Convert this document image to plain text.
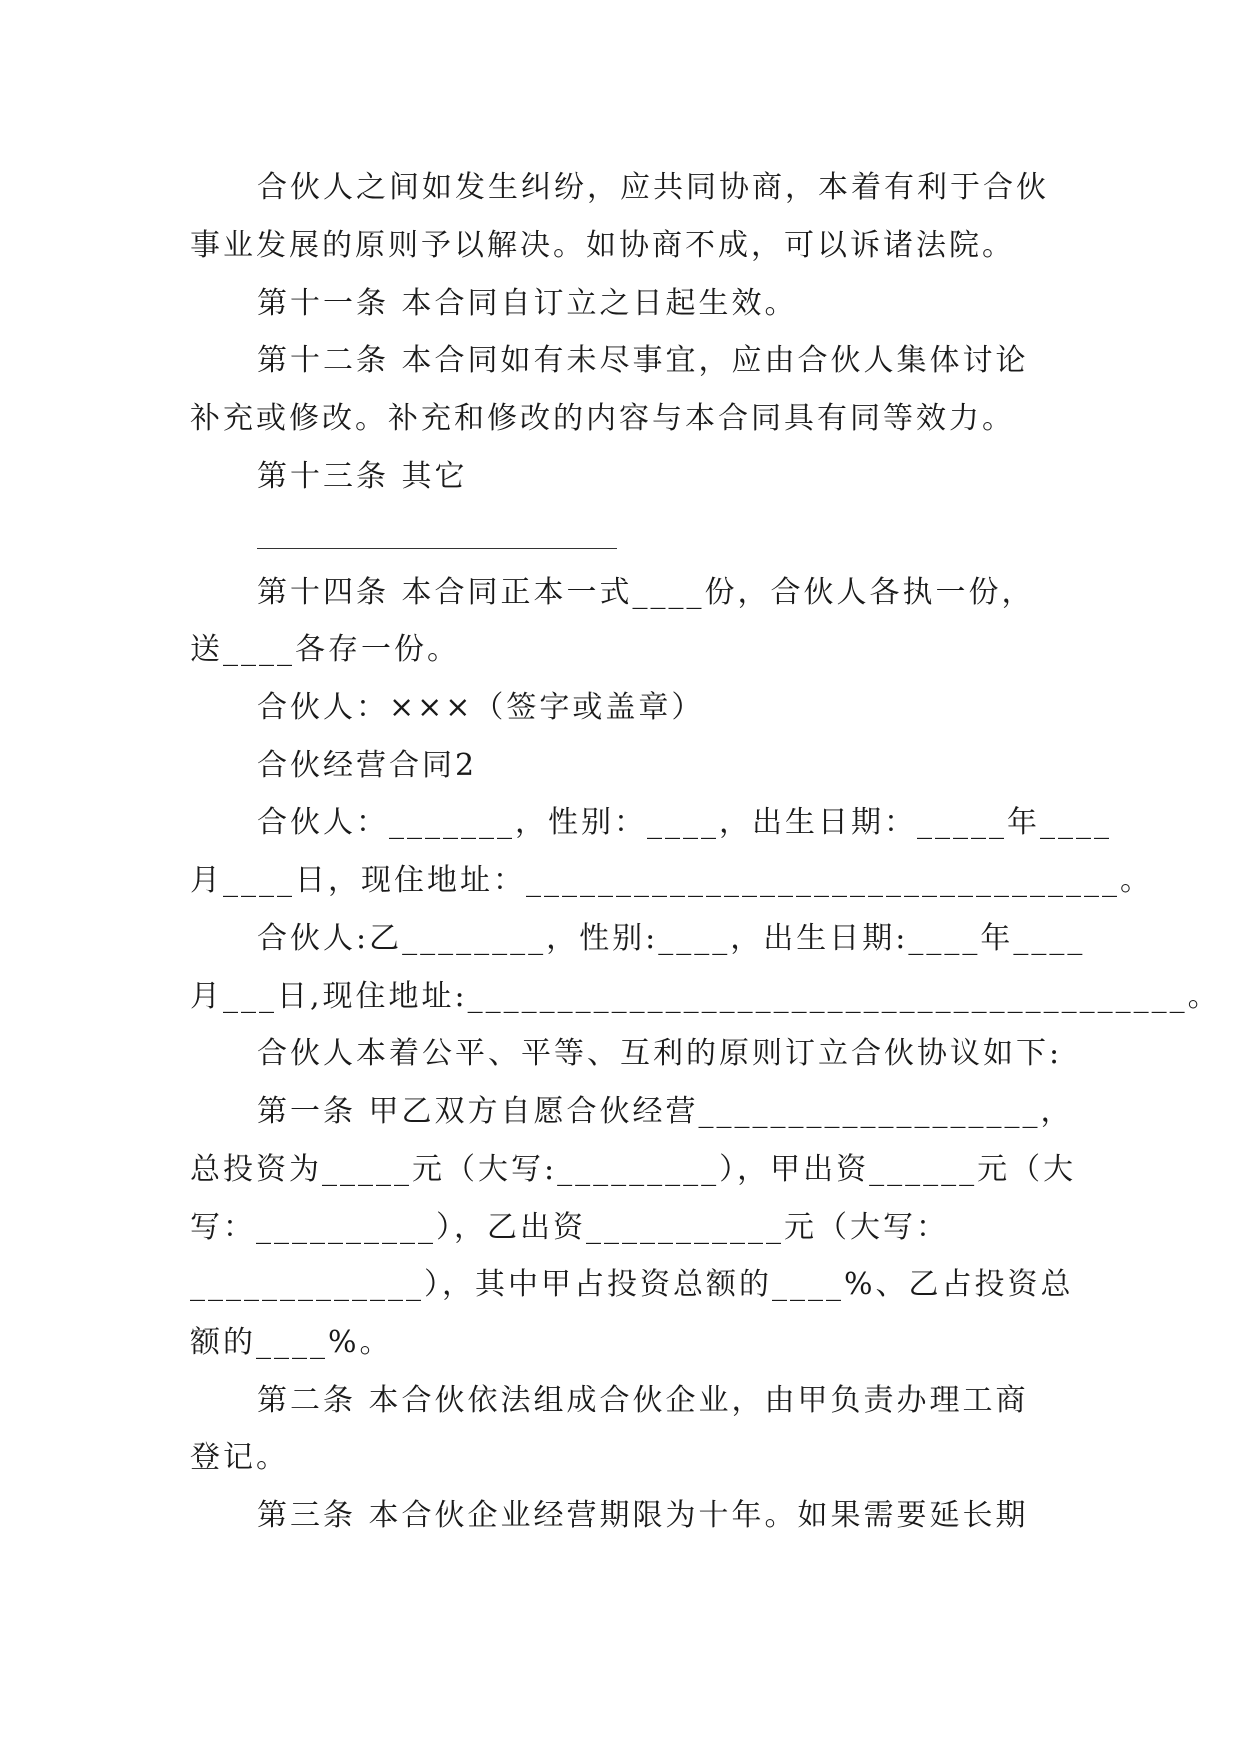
合伙人之间如发生纠纷，应共同协商，本着有利于合伙
事业发展的原则予以解决。如协商不成，可以诉诸法院。
第十一条 本合同自订立之日起生效。
第十二条 本合同如有未尽事宜，应由合伙人集体讨论
补充或修改。补充和修改的内容与本合同具有同等效力。
第十三条 其它
第十四条 本合同正本一式____份，合伙人各执一份，
送____各存一份。
合伙人：×××（签字或盖章）
合伙经营合同2
合伙人：_______，性别：____，出生日期：_____年____
月____日，现住地址：_________________________________。
合伙人:乙________，性别:____，出生日期:____年____
月___日,现住地址:________________________________________。
合伙人本着公平、平等、互利的原则订立合伙协议如下:
第一条 甲乙双方自愿合伙经营___________________，
总投资为_____元（大写:_________），甲出资______元（大
写：__________），乙出资___________元（大写：
_____________），其中甲占投资总额的____%、乙占投资总
额的____%。
第二条 本合伙依法组成合伙企业，由甲负责办理工商
登记。
第三条 本合伙企业经营期限为十年。如果需要延长期
